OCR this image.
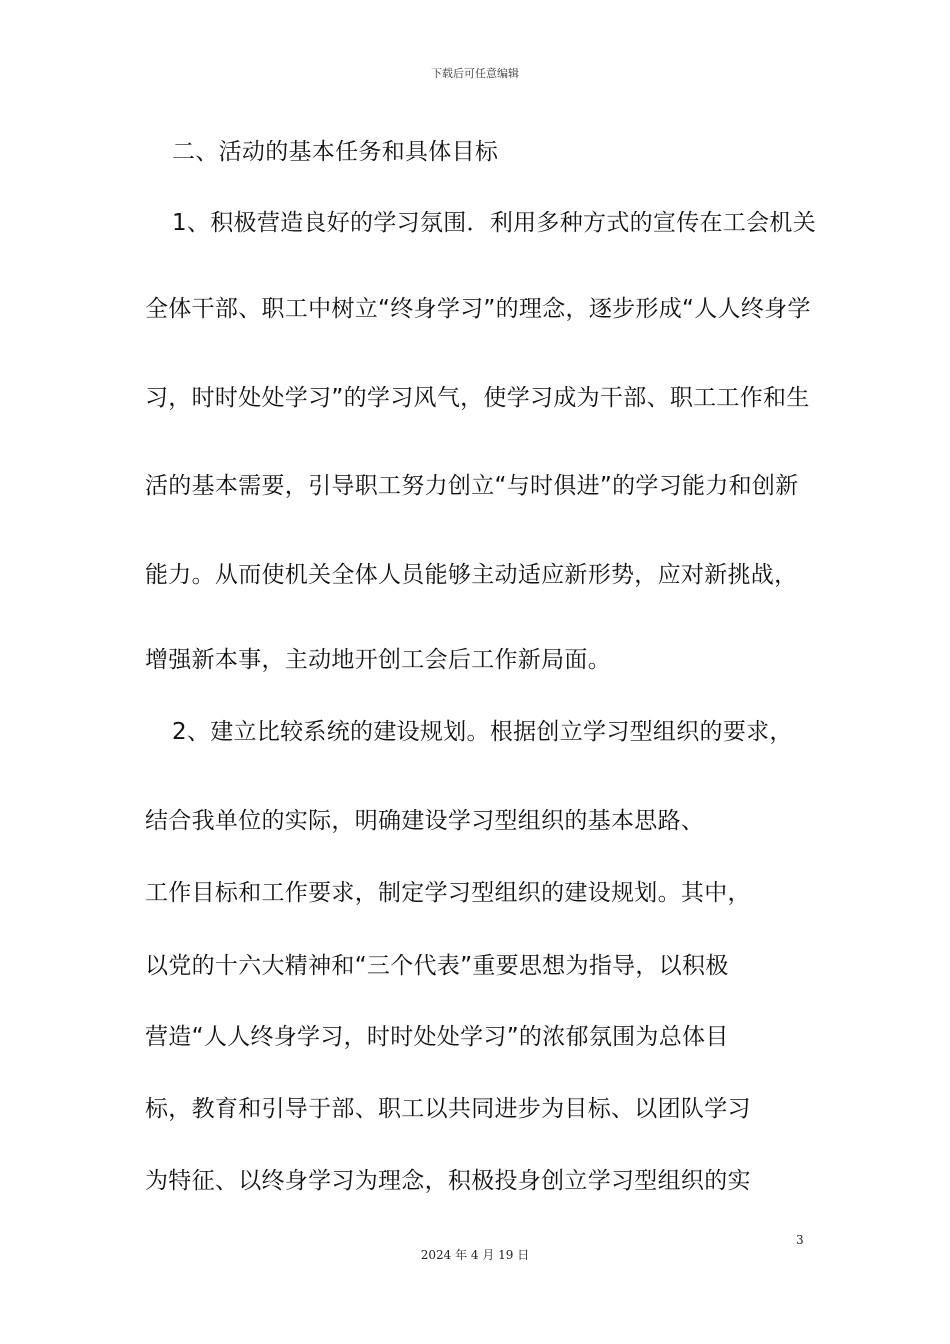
下载后可任意编辑
二、活动的基本任务和具体目标
1、积极营造良好的学习氛围．利用多种方式的宣传在工会机关
全体干部、职工中树立“终身学习”的理念，逐步形成“人人终身学
习，时时处处学习”的学习风气，使学习成为干部、职工工作和生
活的基本需要，引导职工努力创立“与时俱进”的学习能力和创新
能力。从而使机关全体人员能够主动适应新形势，应对新挑战，
增强新本事，主动地开创工会后工作新局面。
2、建立比较系统的建设规划。根据创立学习型组织的要求，
结合我单位的实际，明确建设学习型组织的基本思路、
工作目标和工作要求，制定学习型组织的建设规划。其中，
以党的十六大精神和“三个代表”重要思想为指导，以积极
营造“人人终身学习，时时处处学习”的浓郁氛围为总体目
标，教育和引导于部、职工以共同进步为目标、以团队学习
为特征、以终身学习为理念，积极投身创立学习型组织的实
3
2024 年 4 月 19 日
